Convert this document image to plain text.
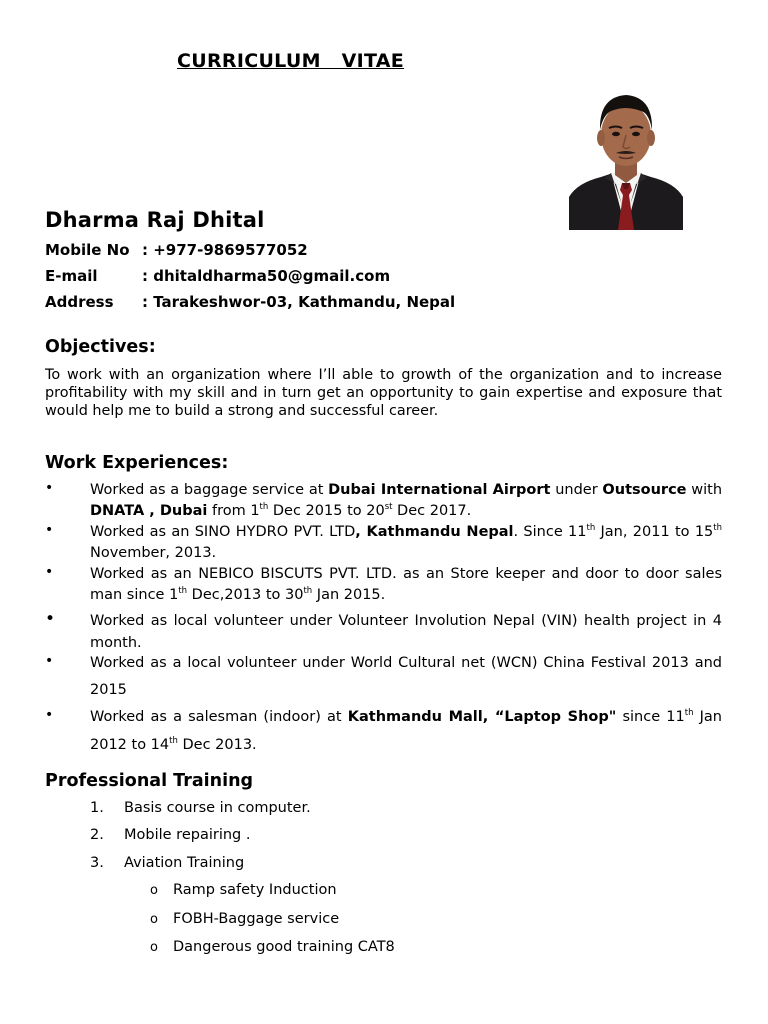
CURRICULUM   VITAE
Dharma Raj Dhital
Mobile No : +977-9869577052
E-mail	: dhitaldharma50@gmail.com
Address : Tarakeshwor-03, Kathmandu, Nepal
Objectives:

To work with an organization where I’ll able to growth of the organization and to increase profitability with my skill and in turn get an opportunity to gain expertise and exposure that would help me to build a strong and successful career.

Work Experiences:
•	Worked as a baggage service at Dubai International Airport under Outsource with DNATA , Dubai from 1th Dec 2015 to 20st Dec 2017.
•	Worked as an SINO HYDRO PVT. LTD, Kathmandu Nepal. Since 11th Jan, 2011 to 15th November, 2013.
•	Worked as an NEBICO BISCUTS PVT. LTD. as an Store keeper and door to door sales man since 1th Dec,2013 to 30th Jan 2015.
• Worked as local volunteer under Volunteer Involution Nepal (VIN) health project in 4 month.
•	Worked as a local volunteer under World Cultural net (WCN) China Festival 2013 and 2015
•	Worked as a salesman (indoor) at Kathmandu Mall, “Laptop Shop" since 11th Jan 2012 to 14th Dec 2013.
Professional Training
1. Basis course in computer.
2. Mobile repairing .
3. Aviation Training
o Ramp safety Induction
o FOBH-Baggage service
o Dangerous good training CAT8
